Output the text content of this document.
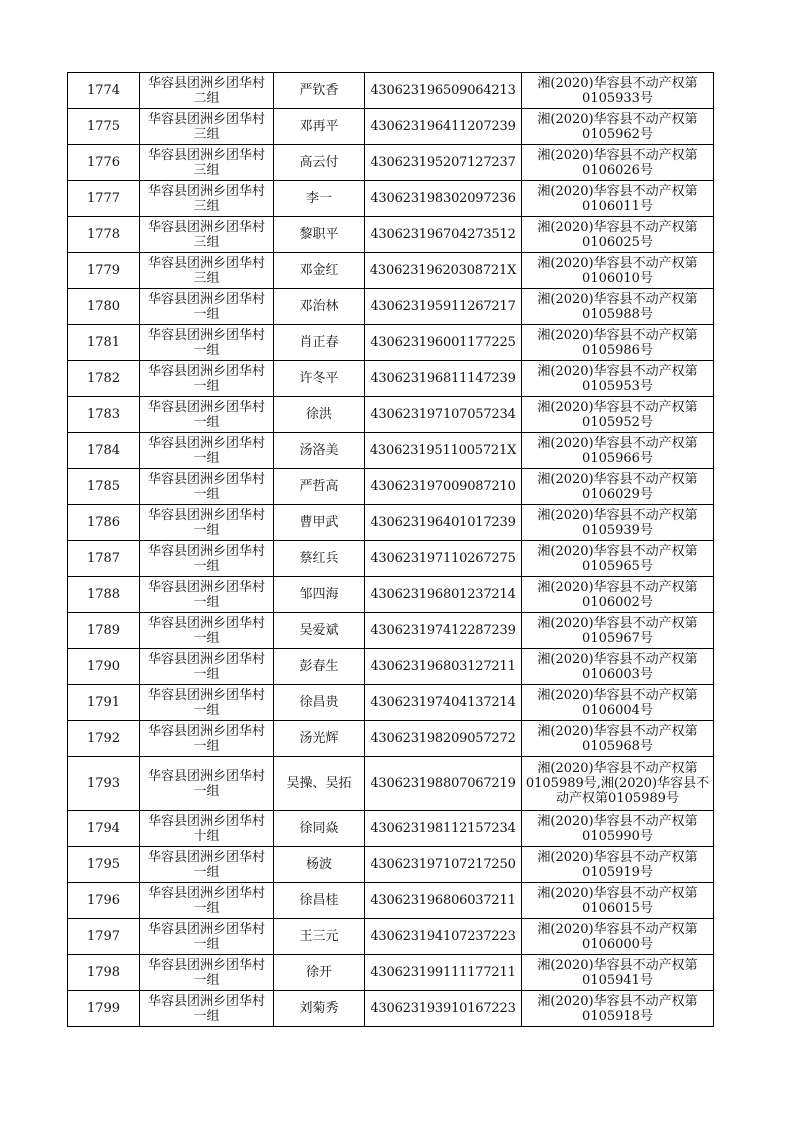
1774	华容县团洲乡团华村二组	严钦香	430623196509064213	湘(2020)华容县不动产权第0105933号
1775	华容县团洲乡团华村三组	邓再平	430623196411207239	湘(2020)华容县不动产权第0105962号
1776	华容县团洲乡团华村三组	高云付	430623195207127237	湘(2020)华容县不动产权第0106026号
1777	华容县团洲乡团华村三组	李一	430623198302097236	湘(2020)华容县不动产权第0106011号
1778	华容县团洲乡团华村三组	黎职平	430623196704273512	湘(2020)华容县不动产权第0106025号
1779	华容县团洲乡团华村三组	邓金红	43062319620308721X	湘(2020)华容县不动产权第0106010号
1780	华容县团洲乡团华村一组	邓治林	430623195911267217	湘(2020)华容县不动产权第0105988号
1781	华容县团洲乡团华村一组	肖正春	430623196001177225	湘(2020)华容县不动产权第0105986号
1782	华容县团洲乡团华村一组	许冬平	430623196811147239	湘(2020)华容县不动产权第0105953号
1783	华容县团洲乡团华村一组	徐洪	430623197107057234	湘(2020)华容县不动产权第0105952号
1784	华容县团洲乡团华村一组	汤洛美	43062319511005721X	湘(2020)华容县不动产权第0105966号
1785	华容县团洲乡团华村一组	严哲高	430623197009087210	湘(2020)华容县不动产权第0106029号
1786	华容县团洲乡团华村一组	曹甲武	430623196401017239	湘(2020)华容县不动产权第0105939号
1787	华容县团洲乡团华村一组	蔡红兵	430623197110267275	湘(2020)华容县不动产权第0105965号
1788	华容县团洲乡团华村一组	邹四海	430623196801237214	湘(2020)华容县不动产权第0106002号
1789	华容县团洲乡团华村一组	吴爱斌	430623197412287239	湘(2020)华容县不动产权第0105967号
1790	华容县团洲乡团华村一组	彭春生	430623196803127211	湘(2020)华容县不动产权第0106003号
1791	华容县团洲乡团华村一组	徐昌贵	430623197404137214	湘(2020)华容县不动产权第0106004号
1792	华容县团洲乡团华村一组	汤光辉	430623198209057272	湘(2020)华容县不动产权第0105968号
1793	华容县团洲乡团华村一组	吴操、吴拓	430623198807067219	湘(2020)华容县不动产权第0105989号,湘(2020)华容县不动产权第0105989号
1794	华容县团洲乡团华村十组	徐同焱	430623198112157234	湘(2020)华容县不动产权第0105990号
1795	华容县团洲乡团华村一组	杨波	430623197107217250	湘(2020)华容县不动产权第0105919号
1796	华容县团洲乡团华村一组	徐昌桂	430623196806037211	湘(2020)华容县不动产权第0106015号
1797	华容县团洲乡团华村一组	王三元	430623194107237223	湘(2020)华容县不动产权第0106000号
1798	华容县团洲乡团华村一组	徐开	430623199111177211	湘(2020)华容县不动产权第0105941号
1799	华容县团洲乡团华村一组	刘菊秀	430623193910167223	湘(2020)华容县不动产权第0105918号
